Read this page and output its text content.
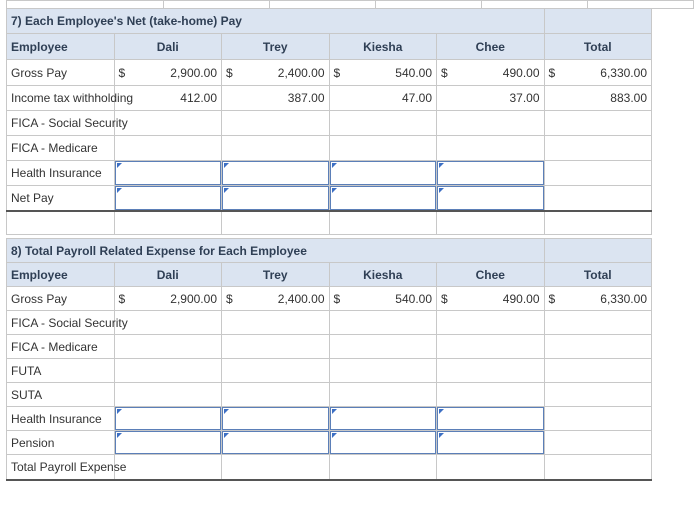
7) Each Employee's Net (take-home) Pay					
Employee	Dali	Trey	Kiesha	Chee	Total
Gross Pay	$ 2,900.00	$ 2,400.00	$ 540.00	$ 490.00	$ 6,330.00

Income tax withholding	412.00	387.00	47.00	37.00	883.00
FICA - Social Security					
FICA - Medicare					
Health Insurance	

Net Pay	

8) Total Payroll Related Expense for Each Employee					
Employee	Dali	Trey	Kiesha	Chee	Total
Gross Pay	$ 2,900.00	$ 2,400.00	$ 540.00	$ 490.00	$ 6,330.00

FICA - Social Security					
FICA - Medicare					
FUTA					
SUTA					
Health Insurance	

Pension	

Total Payroll Expense					
